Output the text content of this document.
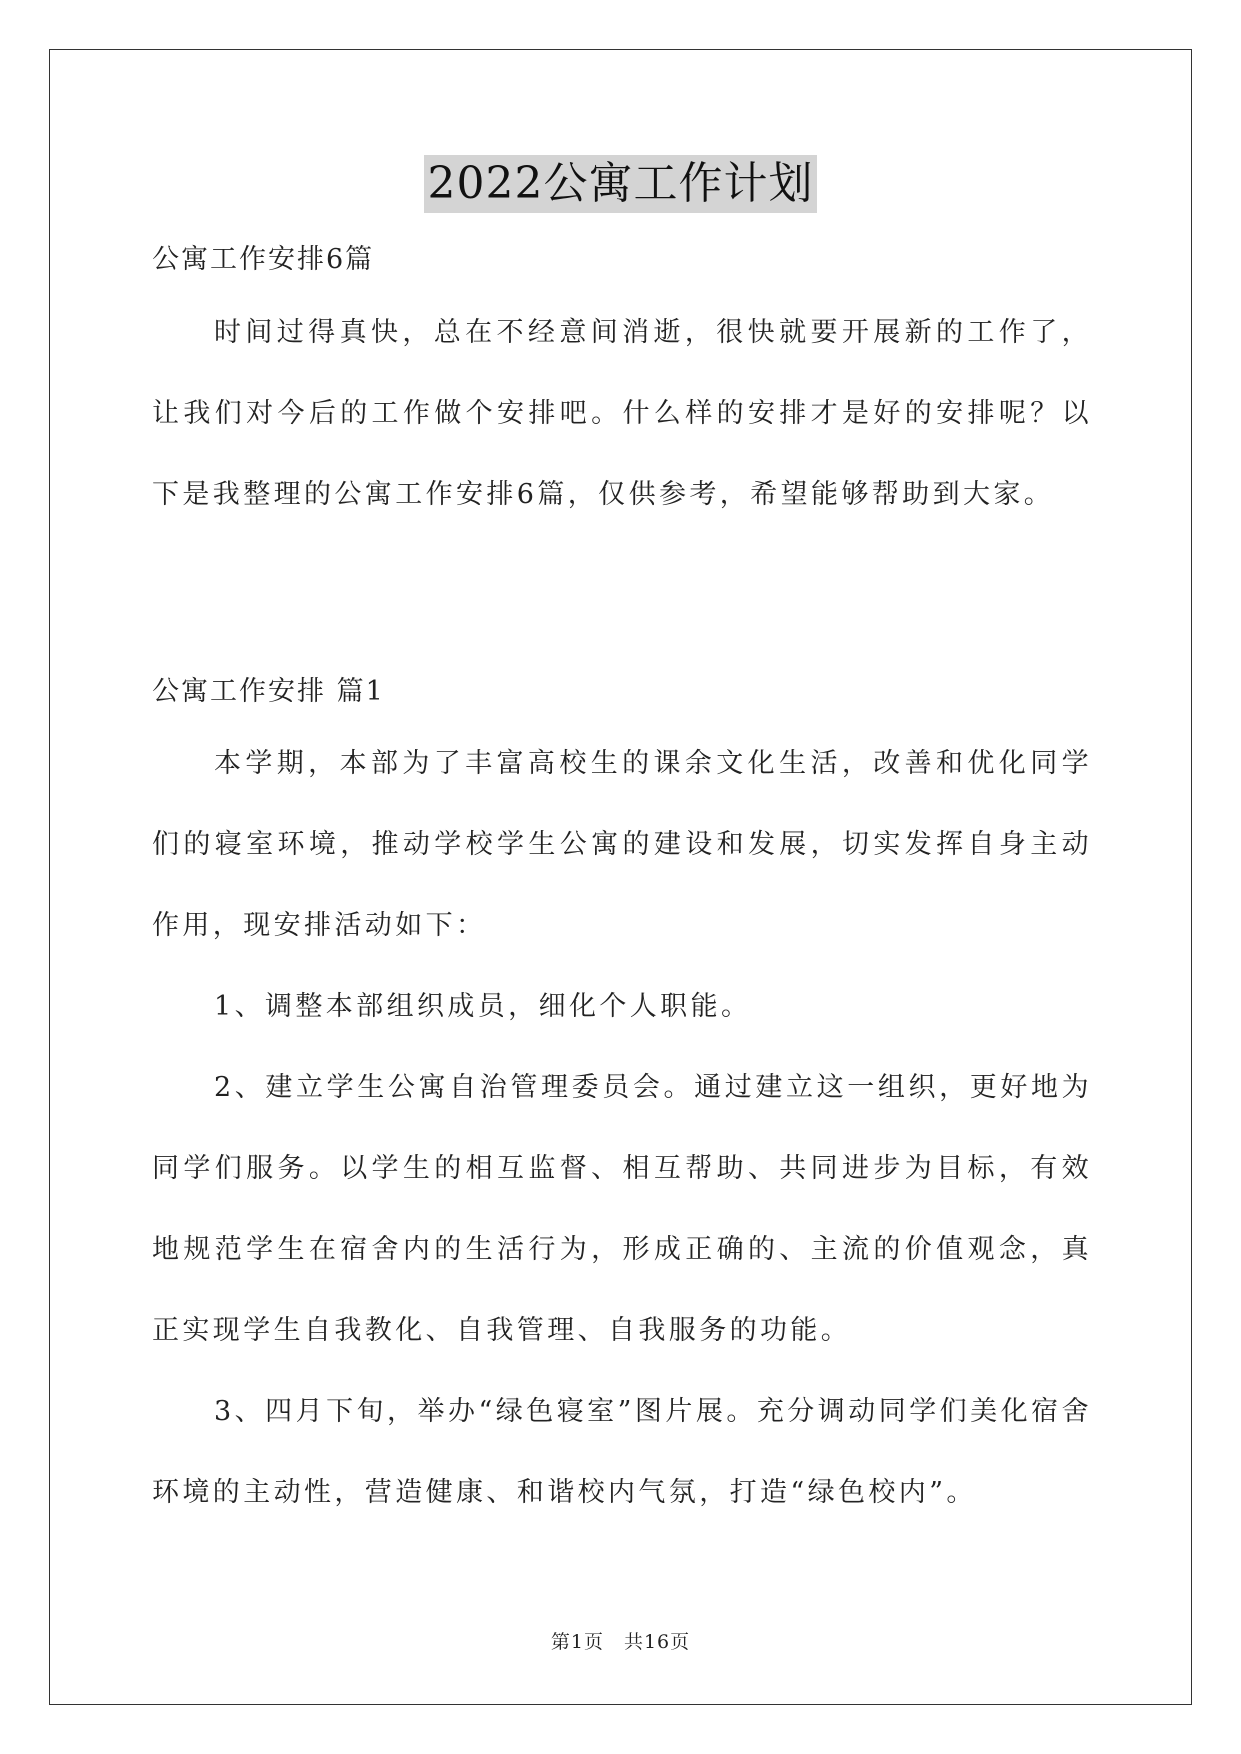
2022公寓工作计划
公寓工作安排6篇

时间过得真快，总在不经意间消逝，很快就要开展新的工作了，让我们对今后的工作做个安排吧。什么样的安排才是好的安排呢？以下是我整理的公寓工作安排6篇，仅供参考，希望能够帮助到大家。

公寓工作安排 篇1

本学期，本部为了丰富高校生的课余文化生活，改善和优化同学们的寝室环境，推动学校学生公寓的建设和发展，切实发挥自身主动作用，现安排活动如下：

1、调整本部组织成员，细化个人职能。

2、建立学生公寓自治管理委员会。通过建立这一组织，更好地为同学们服务。以学生的相互监督、相互帮助、共同进步为目标，有效地规范学生在宿舍内的生活行为，形成正确的、主流的价值观念，真正实现学生自我教化、自我管理、自我服务的功能。

3、四月下旬，举办“绿色寝室”图片展。充分调动同学们美化宿舍环境的主动性，营造健康、和谐校内气氛，打造“绿色校内”。

第1页　共16页
